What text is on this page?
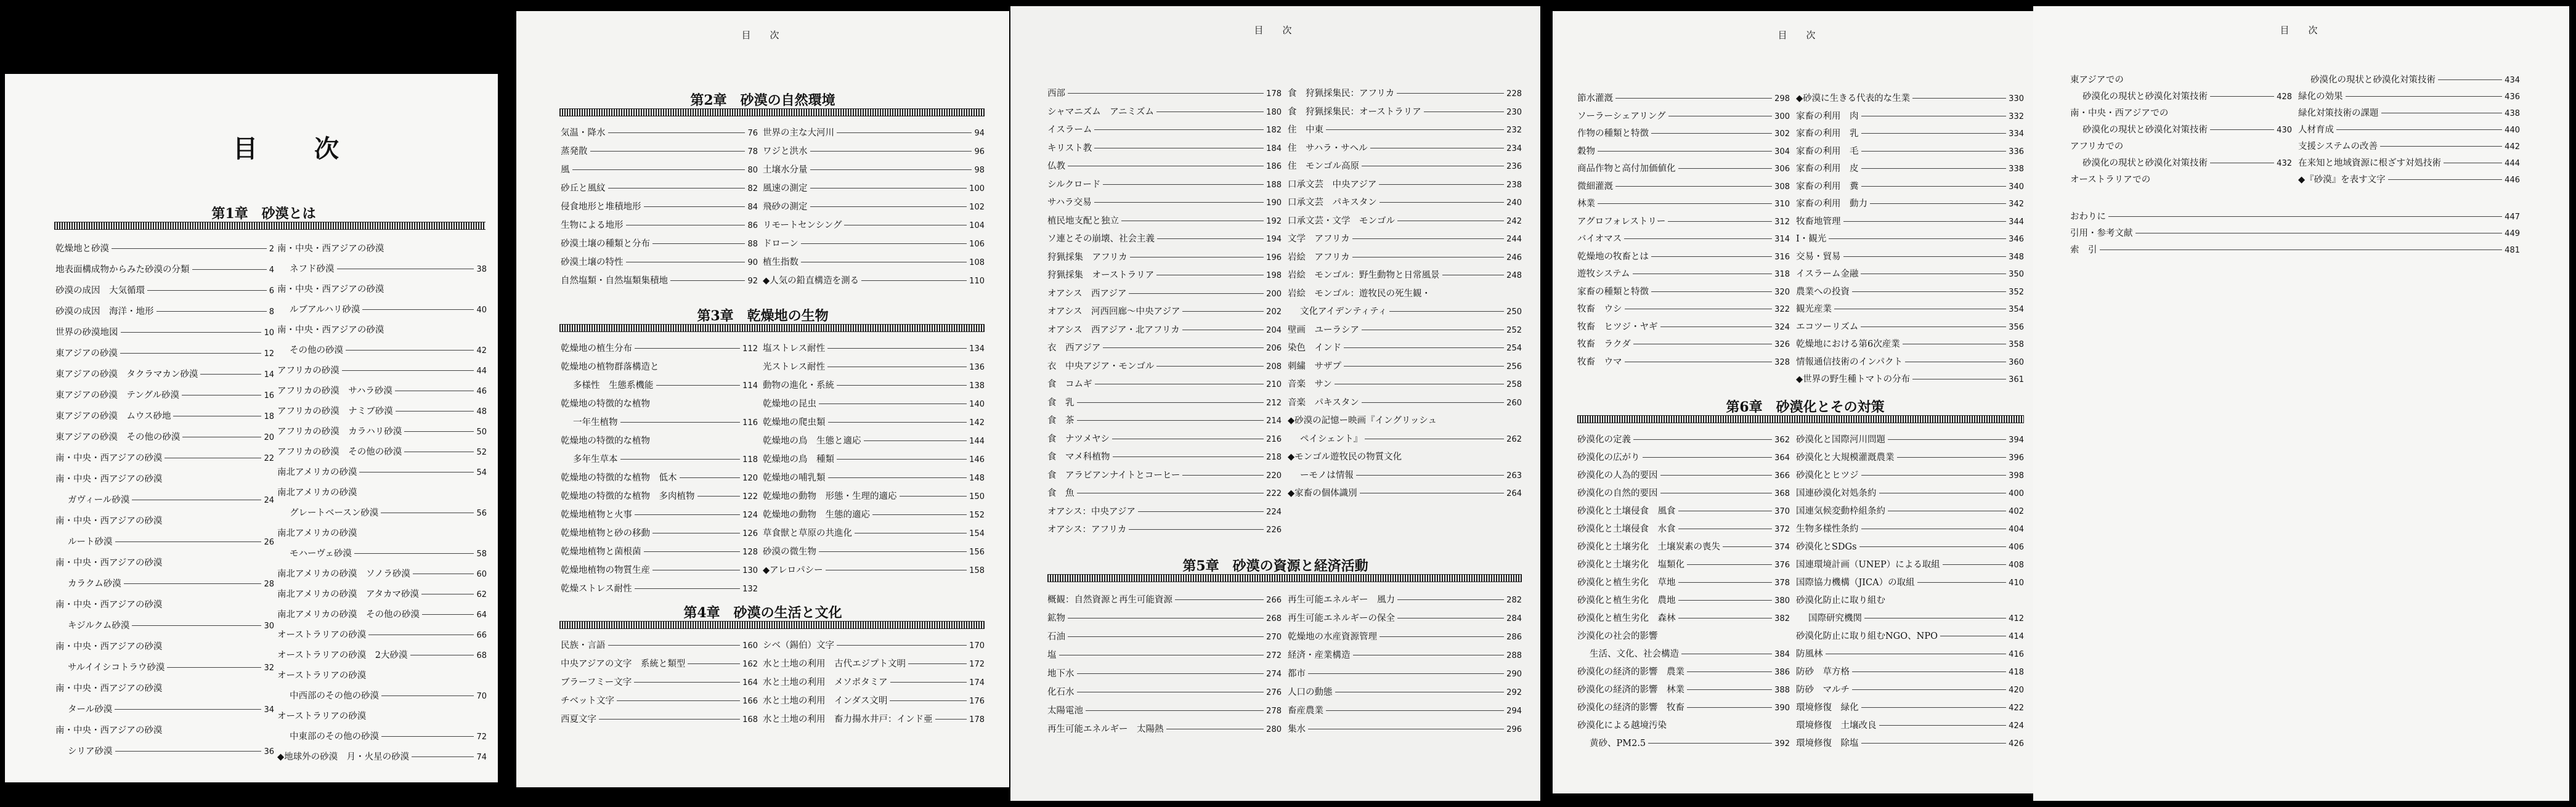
目　次
第1章　砂漠とは
乾燥地と砂漠	2
地表面構成物からみた砂漠の分類	4
砂漠の成因　大気循環	6
砂漠の成因　海洋・地形	8
世界の砂漠地図	10
東アジアの砂漠	12
東アジアの砂漠　タクラマカン砂漠	14
東アジアの砂漠　テングル砂漠	16
東アジアの砂漠　ムウス砂地	18
東アジアの砂漠　その他の砂漠	20
南・中央・西アジアの砂漠	22
南・中央・西アジアの砂漠
ガヴィール砂漠	24
南・中央・西アジアの砂漠
ルート砂漠	26
南・中央・西アジアの砂漠
カラクム砂漠	28
南・中央・西アジアの砂漠
キジルクム砂漠	30
南・中央・西アジアの砂漠
サルイイシコトラウ砂漠	32
南・中央・西アジアの砂漠
タール砂漠	34
南・中央・西アジアの砂漠
シリア砂漠	36
南・中央・西アジアの砂漠
ネフド砂漠	38
南・中央・西アジアの砂漠
ルブアルハリ砂漠	40
南・中央・西アジアの砂漠
その他の砂漠	42
アフリカの砂漠	44
アフリカの砂漠　サハラ砂漠	46
アフリカの砂漠　ナミブ砂漠	48
アフリカの砂漠　カラハリ砂漠	50
アフリカの砂漠　その他の砂漠	52
南北アメリカの砂漠	54
南北アメリカの砂漠
グレートベースン砂漠	56
南北アメリカの砂漠
モハーヴェ砂漠	58
南北アメリカの砂漠　ソノラ砂漠	60
南北アメリカの砂漠　アタカマ砂漠	62
南北アメリカの砂漠　その他の砂漠	64
オーストラリアの砂漠	66
オーストラリアの砂漠　2大砂漠	68
オーストラリアの砂漠
中西部のその他の砂漠	70
オーストラリアの砂漠
中東部のその他の砂漠	72
◆地球外の砂漠　月・火星の砂漠	74
目　次
第2章　砂漠の自然環境
気温・降水	76
蒸発散	78
風	80
砂丘と風紋	82
侵食地形と堆積地形	84
生物による地形	86
砂漠土壌の種類と分布	88
砂漠土壌の特性	90
自然塩類・自然塩類集積地	92
世界の主な大河川	94
ワジと洪水	96
土壌水分量	98
風速の測定	100
飛砂の測定	102
リモートセンシング	104
ドローン	106
植生指数	108
◆人気の鉛直構造を測る	110
第3章　乾燥地の生物
乾燥地の植生分布	112
乾燥地の植物群落構造と
多様性　生態系機能	114
乾燥地の特徴的な植物
一年生植物	116
乾燥地の特徴的な植物
多年生草本	118
乾燥地の特徴的な植物　低木	120
乾燥地の特徴的な植物　多肉植物	122
乾燥地植物と火事	124
乾燥地植物と砂の移動	126
乾燥地植物と菌根菌	128
乾燥地植物の物質生産	130
乾燥ストレス耐性	132
塩ストレス耐性	134
光ストレス耐性	136
動物の進化・系統	138
乾燥地の昆虫	140
乾燥地の爬虫類	142
乾燥地の鳥　生態と適応	144
乾燥地の鳥　種類	146
乾燥地の哺乳類	148
乾燥地の動物　形態・生理的適応	150
乾燥地の動物　生態的適応	152
草食獣と草原の共進化	154
砂漠の微生物	156
◆アレロパシー	158
第4章　砂漠の生活と文化
民族・言語	160
中央アジアの文字　系統と類型	162
ブラーフミー文字	164
チベット文字	166
西夏文字	168
シベ（錫伯）文字	170
水と土地の利用　古代エジプト文明	172
水と土地の利用　メソポタミア	174
水と土地の利用　インダス文明	176
水と土地の利用　畜力揚水井戸：インド亜	178
目　次
西部	178
シャマニズム　アニミズム	180
イスラーム	182
キリスト教	184
仏教	186
シルクロード	188
サハラ交易	190
植民地支配と独立	192
ソ連とその崩壊、社会主義	194
狩猟採集　アフリカ	196
狩猟採集　オーストラリア	198
オアシス　西アジア	200
オアシス　河西回廊～中央アジア	202
オアシス　西アジア・北アフリカ	204
衣　西アジア	206
衣　中央アジア・モンゴル	208
食　コムギ	210
食　乳	212
食　茶	214
食　ナツメヤシ	216
食　マメ科植物	218
食　アラビアンナイトとコーヒー	220
食　魚	222
オアシス：中央アジア	224
オアシス：アフリカ	226
食　狩猟採集民：アフリカ	228
食　狩猟採集民：オーストラリア	230
住　中東	232
住　サハラ・サヘル	234
住　モンゴル高原	236
口承文芸　中央アジア	238
口承文芸　パキスタン	240
口承文芸・文学　モンゴル	242
文学　アフリカ	244
岩絵　アフリカ	246
岩絵　モンゴル：野生動物と日常風景	248
岩絵　モンゴル：遊牧民の死生観・
文化アイデンティティ	250
壁画　ユーラシア	252
染色　インド	254
刺繍　サザプ	256
音楽　サン	258
音楽　パキスタン	260
◆砂漠の記憶ー映画『イングリッシュ
ペイシェント』	262
◆モンゴル遊牧民の物質文化
ーモノは情報	263
◆家畜の個体識別	264
第5章　砂漠の資源と経済活動
概観：自然資源と再生可能資源	266
鉱物	268
石油	270
塩	272
地下水	274
化石水	276
太陽電池	278
再生可能エネルギー　太陽熱	280
再生可能エネルギー　風力	282
再生可能エネルギーの保全	284
乾燥地の水産資源管理	286
経済・産業構造	288
都市	290
人口の動態	292
畜産農業	294
集水	296
目　次
節水灌漑	298
ソーラーシェアリング	300
作物の種類と特徴	302
穀物	304
商品作物と高付加価値化	306
微細灌漑	308
林業	310
アグロフォレストリー	312
バイオマス	314
乾燥地の牧畜とは	316
遊牧システム	318
家畜の種類と特徴	320
牧畜　ウシ	322
牧畜　ヒツジ・ヤギ	324
牧畜　ラクダ	326
牧畜　ウマ	328
◆砂漠に生きる代表的な生業	330
家畜の利用　肉	332
家畜の利用　乳	334
家畜の利用　毛	336
家畜の利用　皮	338
家畜の利用　糞	340
家畜の利用　動力	342
牧畜地管理	344
I・観光	346
交易・貿易	348
イスラーム金融	350
農業への投資	352
観光産業	354
エコツーリズム	356
乾燥地における第6次産業	358
情報通信技術のインパクト	360
◆世界の野生種トマトの分布	361
第6章　砂漠化とその対策
砂漠化の定義	362
砂漠化の広がり	364
砂漠化の人為的要因	366
砂漠化の自然的要因	368
砂漠化と土壌侵食　風食	370
砂漠化と土壌侵食　水食	372
砂漠化と土壌劣化　土壌炭素の喪失	374
砂漠化と土壌劣化　塩類化	376
砂漠化と植生劣化　草地	378
砂漠化と植生劣化　農地	380
砂漠化と植生劣化　森林	382
沙漠化の社会的影響
生活、文化、社会構造	384
砂漠化の経済的影響　農業	386
砂漠化の経済的影響　林業	388
砂漠化の経済的影響　牧畜	390
砂漠化による越境汚染
黄砂、PM2.5	392
砂漠化と国際河川問題	394
砂漠化と大規模灌漑農業	396
砂漠化とヒツジ	398
国連砂漠化対処条約	400
国連気候変動枠組条約	402
生物多様性条約	404
砂漠化とSDGs	406
国連環境計画（UNEP）による取組	408
国際協力機構（JICA）の取組	410
砂漠化防止に取り組む
国際研究機関	412
砂漠化防止に取り組むNGO、NPO	414
防風林	416
防砂　草方格	418
防砂　マルチ	420
環境修復　緑化	422
環境修復　土壌改良	424
環境修復　除塩	426
目　次
東アジアでの
砂漠化の現状と砂漠化対策技術	428
南・中央・西アジアでの
砂漠化の現状と砂漠化対策技術	430
アフリカでの
砂漠化の現状と砂漠化対策技術	432
オーストラリアでの
砂漠化の現状と砂漠化対策技術	434
緑化の効果	436
緑化対策技術の課題	438
人材育成	440
支援システムの改善	442
在来知と地域資源に根ざす対処技術	444
◆『砂漠』を表す文字	446
おわりに	447
引用・参考文献	449
索　引	481
